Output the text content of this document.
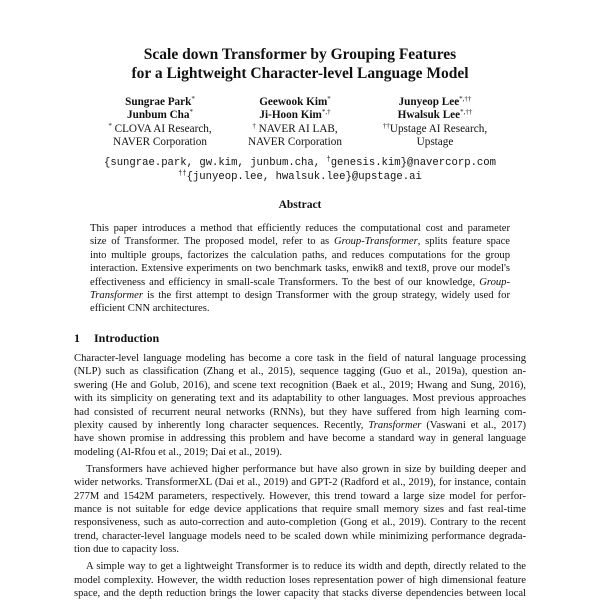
Scale down Transformer by Grouping Features
for a Lightweight Character-level Language Model
Sungrae Park*	Geewook Kim*	Junyeop Lee*,††
Junbum Cha*	Ji-Hoon Kim*,†	Hwalsuk Lee*,††
* CLOVA AI Research,	† NAVER AI LAB,	††Upstage AI Research,
NAVER Corporation	NAVER Corporation	Upstage
{sungrae.park, gw.kim, junbum.cha, †genesis.kim}@navercorp.com
††{junyeop.lee, hwalsuk.lee}@upstage.ai
Abstract
This paper introduces a method that efficiently reduces the computational cost and parameter
size of Transformer. The proposed model, refer to as Group-Transformer, splits feature space
into multiple groups, factorizes the calculation paths, and reduces computations for the group
interaction. Extensive experiments on two benchmark tasks, enwik8 and text8, prove our model's
effectiveness and efficiency in small-scale Transformers. To the best of our knowledge, Group-
Transformer is the first attempt to design Transformer with the group strategy, widely used for
efficient CNN architectures.
1 Introduction
Character-level language modeling has become a core task in the field of natural language processing
(NLP) such as classification (Zhang et al., 2015), sequence tagging (Guo et al., 2019a), question an-
swering (He and Golub, 2016), and scene text recognition (Baek et al., 2019; Hwang and Sung, 2016),
with its simplicity on generating text and its adaptability to other languages. Most previous approaches
had consisted of recurrent neural networks (RNNs), but they have suffered from high learning com-
plexity caused by inherently long character sequences. Recently, Transformer (Vaswani et al., 2017)
have shown promise in addressing this problem and have become a standard way in general language
modeling (Al-Rfou et al., 2019; Dai et al., 2019).
Transformers have achieved higher performance but have also grown in size by building deeper and
wider networks. TransformerXL (Dai et al., 2019) and GPT-2 (Radford et al., 2019), for instance, contain
277M and 1542M parameters, respectively. However, this trend toward a large size model for perfor-
mance is not suitable for edge device applications that require small memory sizes and fast real-time
responsiveness, such as auto-correction and auto-completion (Gong et al., 2019). Contrary to the recent
trend, character-level language models need to be scaled down while minimizing performance degrada-
tion due to capacity loss.
A simple way to get a lightweight Transformer is to reduce its width and depth, directly related to the
model complexity. However, the width reduction loses representation power of high dimensional feature
space, and the depth reduction brings the lower capacity that stacks diverse dependencies between local
